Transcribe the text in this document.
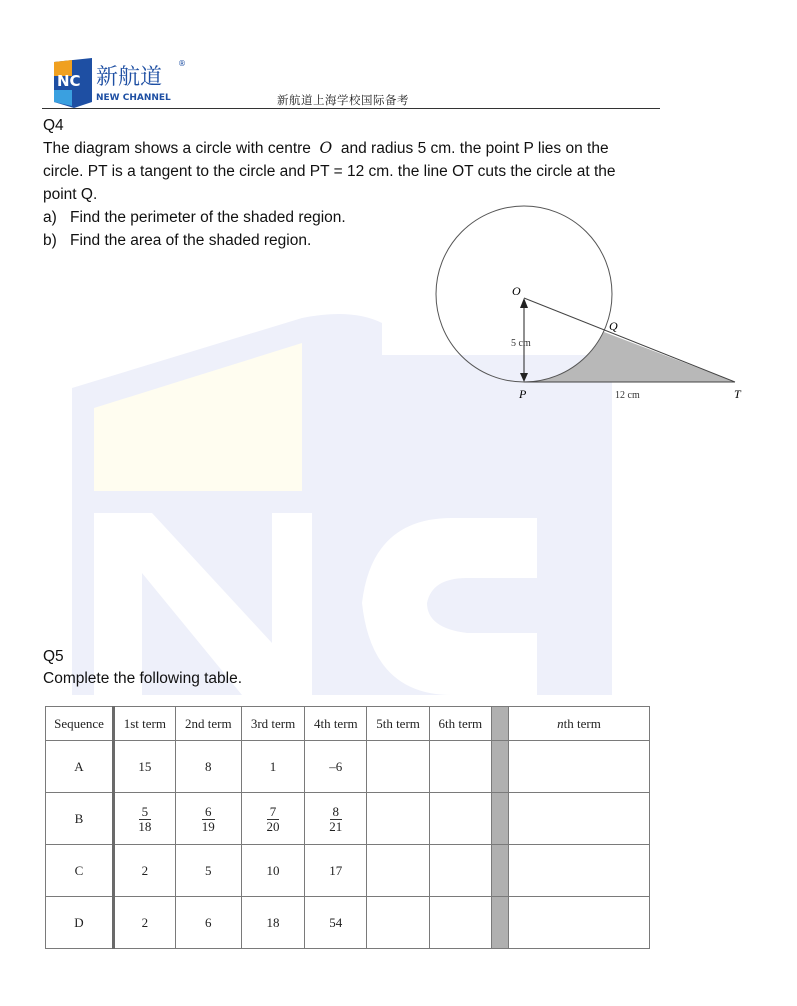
NC 新航道
NEW CHANNEL
®
新航道上海学校国际备考
Q4
The diagram shows a circle with centre O and radius 5 cm. the point P lies on the circle. PT is a tangent to the circle and PT = 12 cm. the line OT cuts the circle at the point Q.
a) Find the perimeter of the shaded region.
b) Find the area of the shaded region.
O
Q
P	T
5 cm
12 cm
Q5
Complete the following table.
Sequence	1st term	2nd term	3rd term	4th term	5th term	6th term		nth term
A	15	8	1	–6				
B	$\frac{5}{18}$	$\frac{6}{19}$	$\frac{7}{20}$	$\frac{8}{21}$

C	2	5	10	17				
D	2	6	18	54				
